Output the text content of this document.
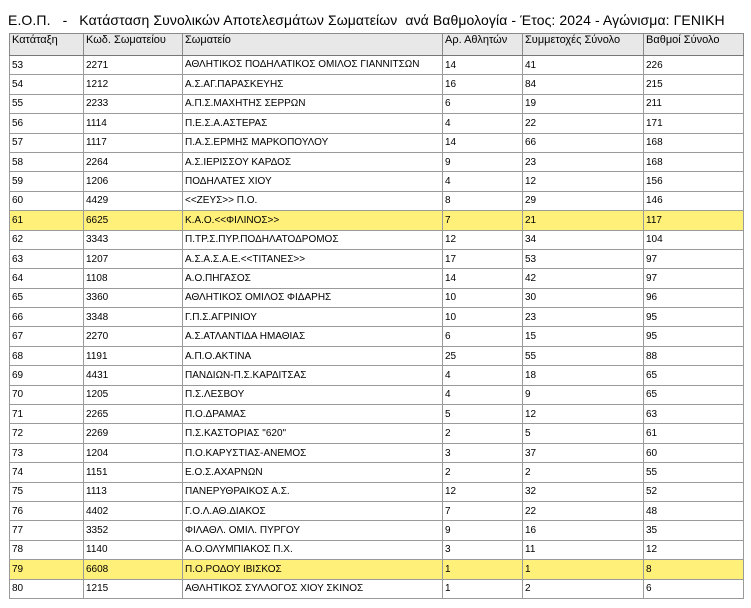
Ε.Ο.Π.   -   Κατάσταση Συνολικών Αποτελεσμάτων Σωματείων  ανά Βαθμολογία - Έτος: 2024 - Αγώνισμα: ΓΕΝΙΚΗ
Κατάταξη	Κωδ. Σωματείου	Σωματείο	Αρ. Αθλητών	Συμμετοχές Σύνολο	Βαθμοί Σύνολο
53	2271	ΑΘΛΗΤΙΚΟΣ ΠΟΔΗΛΑΤΙΚΟΣ ΟΜΙΛΟΣ ΓΙΑΝΝΙΤΣΩΝ	14	41	226
54	1212	Α.Σ.ΑΓ.ΠΑΡΑΣΚΕΥΗΣ	16	84	215
55	2233	Α.Π.Σ.ΜΑΧΗΤΗΣ ΣΕΡΡΩΝ	6	19	211
56	1114	Π.Ε.Σ.Α.ΑΣΤΕΡΑΣ	4	22	171
57	1117	Π.Α.Σ.ΕΡΜΗΣ ΜΑΡΚΟΠΟΥΛΟΥ	14	66	168
58	2264	Α.Σ.ΙΕΡΙΣΣΟΥ ΚΑΡΔΟΣ	9	23	168
59	1206	ΠΟΔΗΛΑΤΕΣ ΧΙΟΥ	4	12	156
60	4429	<<ΖΕΥΣ>> Π.Ο.	8	29	146
61	6625	Κ.Α.Ο.<<ΦΙΛΙΝΟΣ>>	7	21	117
62	3343	Π.ΤΡ.Σ.ΠΥΡ.ΠΟΔΗΛΑΤΟΔΡΟΜΟΣ	12	34	104
63	1207	Α.Σ.Α.Σ.Α.Ε.<<ΤΙΤΑΝΕΣ>>	17	53	97
64	1108	Α.Ο.ΠΗΓΑΣΟΣ	14	42	97
65	3360	ΑΘΛΗΤΙΚΟΣ ΟΜΙΛΟΣ ΦΙΔΑΡΗΣ	10	30	96
66	3348	Γ.Π.Σ.ΑΓΡΙΝΙΟΥ	10	23	95
67	2270	Α.Σ.ΑΤΛΑΝΤΙΔΑ ΗΜΑΘΙΑΣ	6	15	95
68	1191	Α.Π.Ο.ΑΚΤΙΝΑ	25	55	88
69	4431	ΠΑΝΔΙΩΝ-Π.Σ.ΚΑΡΔΙΤΣΑΣ	4	18	65
70	1205	Π.Σ.ΛΕΣΒΟΥ	4	9	65
71	2265	Π.Ο.ΔΡΑΜΑΣ	5	12	63
72	2269	Π.Σ.ΚΑΣΤΟΡΙΑΣ "620"	2	5	61
73	1204	Π.Ο.ΚΑΡΥΣΤΙΑΣ-ΑΝΕΜΟΣ	3	37	60
74	1151	Ε.Ο.Σ.ΑΧΑΡΝΩΝ	2	2	55
75	1113	ΠΑΝΕΡΥΘΡΑΙΚΟΣ Α.Σ.	12	32	52
76	4402	Γ.Ο.Λ.ΑΘ.ΔΙΑΚΟΣ	7	22	48
77	3352	ΦΙΛΑΘΛ. ΟΜΙΛ. ΠΥΡΓΟΥ	9	16	35
78	1140	Α.Ο.ΟΛΥΜΠΙΑΚΟΣ Π.Χ.	3	11	12
79	6608	Π.Ο.ΡΟΔΟΥ ΙΒΙΣΚΟΣ	1	1	8
80	1215	ΑΘΛΗΤΙΚΟΣ ΣΥΛΛΟΓΟΣ ΧΙΟΥ ΣΚΙΝΟΣ	1	2	6
